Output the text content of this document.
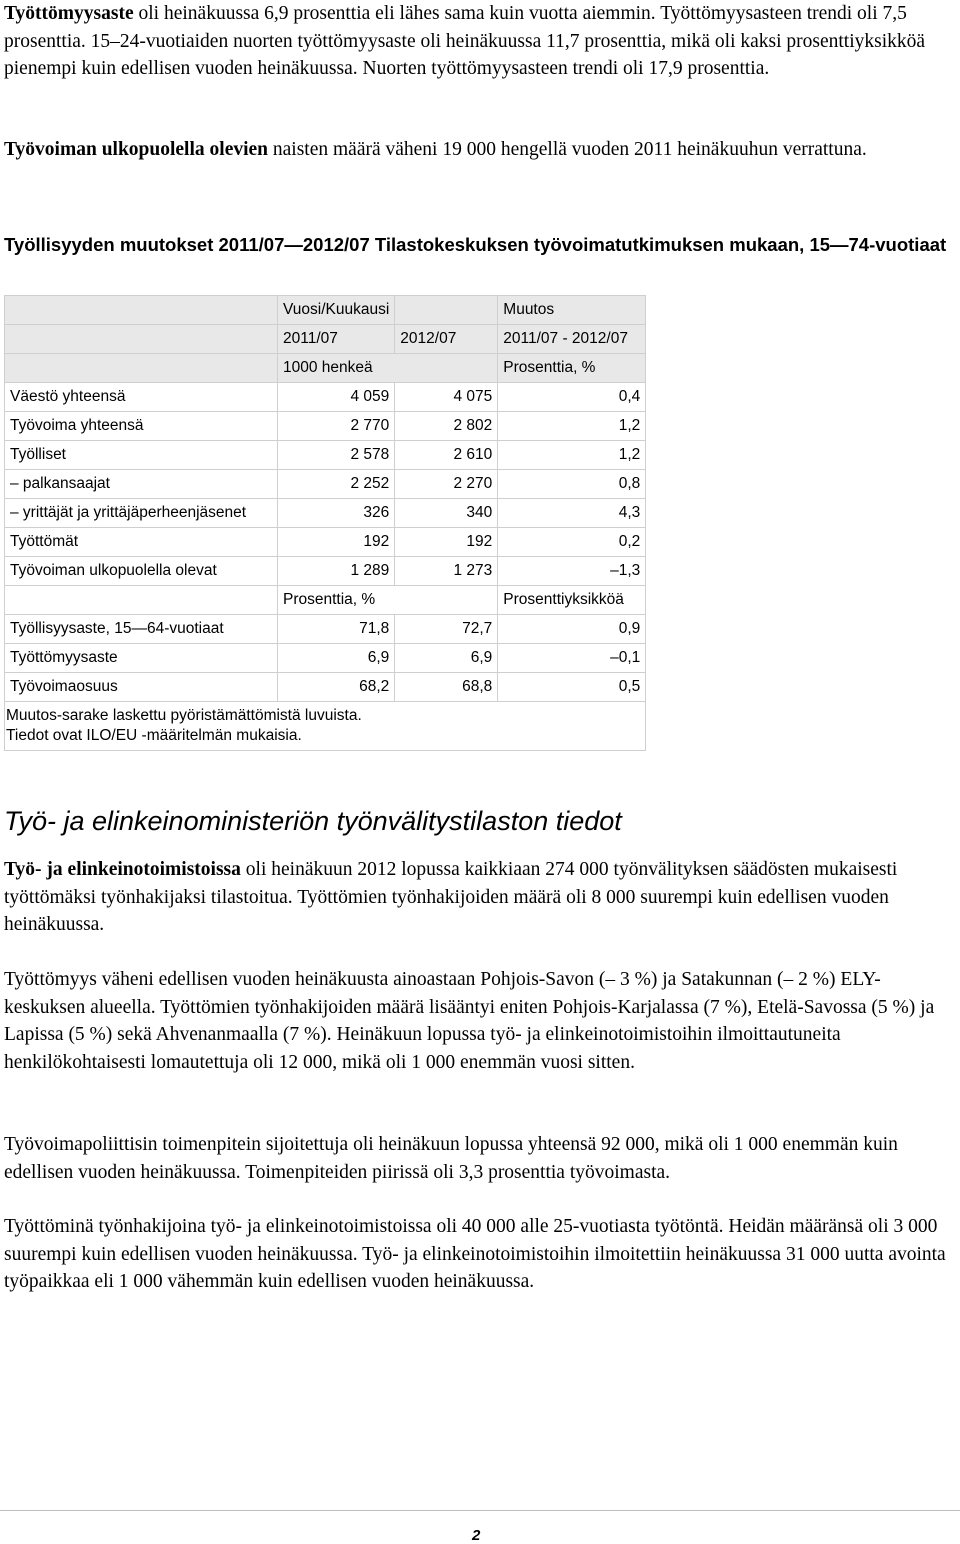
Työttömyysaste oli heinäkuussa 6,9 prosenttia eli lähes sama kuin vuotta aiemmin. Työttömyysasteen trendi oli 7,5 prosenttia. 15–24-vuotiaiden nuorten työttömyysaste oli heinäkuussa 11,7 prosenttia, mikä oli kaksi prosenttiyksikköä pienempi kuin edellisen vuoden heinäkuussa. Nuorten työttömyysasteen trendi oli 17,9 prosenttia.

Työvoiman ulkopuolella olevien naisten määrä väheni 19 000 hengellä vuoden 2011 heinäkuuhun verrattuna.

Työllisyyden muutokset 2011/07—2012/07 Tilastokeskuksen työvoimatutkimuksen mukaan, 15—74-vuotiaat

	Vuosi/Kuukausi		Muutos
	2011/07	2012/07	2011/07 - 2012/07
	1000 henkeä		Prosenttia, %
Väestö yhteensä	4 059	4 075	0,4
Työvoima yhteensä	2 770	2 802	1,2
Työlliset	2 578	2 610	1,2
– palkansaajat	2 252	2 270	0,8
– yrittäjät ja yrittäjäperheenjäsenet	326	340	4,3
Työttömät	192	192	0,2
Työvoiman ulkopuolella olevat	1 289	1 273	–1,3
	Prosenttia, %		Prosenttiyksikköä
Työllisyysaste, 15—64-vuotiaat	71,8	72,7	0,9
Työttömyysaste	6,9	6,9	–0,1
Työvoimaosuus	68,2	68,8	0,5

Muutos-sarake laskettu pyöristämättömistä luvuista.
Tiedot ovat ILO/EU -määritelmän mukaisia.			
Työ- ja elinkeinoministeriön työnvälitystilaston tiedot

Työ- ja elinkeinotoimistoissa oli heinäkuun 2012 lopussa kaikkiaan 274 000 työnvälityksen säädösten mukaisesti työttömäksi työnhakijaksi tilastoitua. Työttömien työnhakijoiden määrä oli 8 000 suurempi kuin edellisen vuoden heinäkuussa.

Työttömyys väheni edellisen vuoden heinäkuusta ainoastaan Pohjois-Savon (– 3 %) ja Satakunnan (– 2 %) ELY-keskuksen alueella. Työttömien työnhakijoiden määrä lisääntyi eniten Pohjois-Karjalassa (7 %), Etelä-Savossa (5 %) ja Lapissa (5 %) sekä Ahvenanmaalla (7 %). Heinäkuun lopussa työ- ja elinkeinotoimistoihin ilmoittautuneita henkilökohtaisesti lomautettuja oli 12 000, mikä oli 1 000 enemmän vuosi sitten.

Työvoimapoliittisin toimenpitein sijoitettuja oli heinäkuun lopussa yhteensä 92 000, mikä oli 1 000 enemmän kuin edellisen vuoden heinäkuussa. Toimenpiteiden piirissä oli 3,3 prosenttia työvoimasta.

Työttöminä työnhakijoina työ- ja elinkeinotoimistoissa oli 40 000 alle 25-vuotiasta työtöntä. Heidän määränsä oli 3 000 suurempi kuin edellisen vuoden heinäkuussa. Työ- ja elinkeinotoimistoihin ilmoitettiin heinäkuussa 31 000 uutta avointa työpaikkaa eli 1 000 vähemmän kuin edellisen vuoden heinäkuussa.

2
